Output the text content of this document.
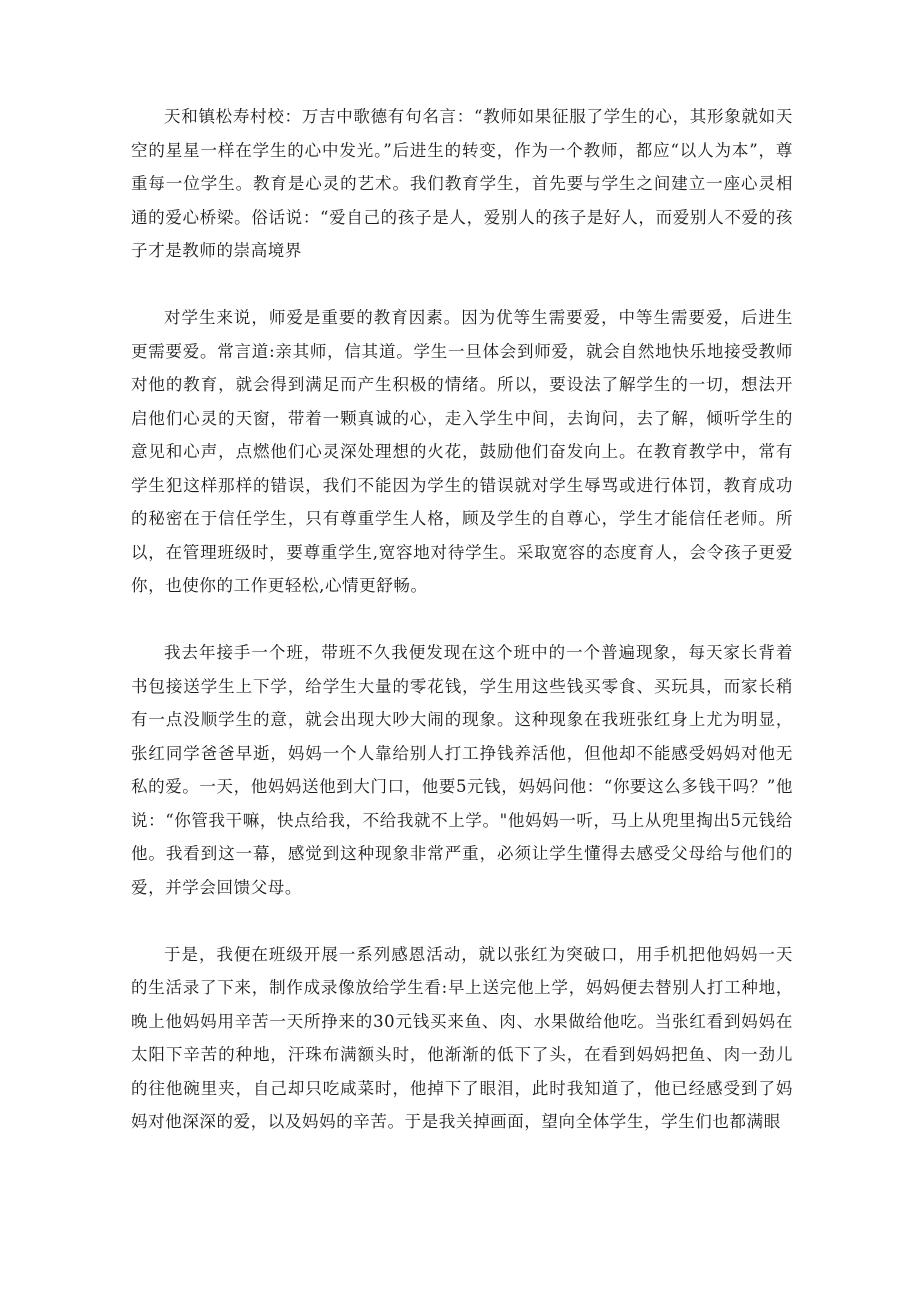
天和镇松寿村校：万吉中歌德有句名言：“教师如果征服了学生的心，其形象就如天空的星星一样在学生的心中发光。”后进生的转变，作为一个教师，都应“以人为本”，尊重每一位学生。教育是心灵的艺术。我们教育学生，首先要与学生之间建立一座心灵相通的爱心桥梁。俗话说：“爱自己的孩子是人，爱别人的孩子是好人，而爱别人不爱的孩子才是教师的崇高境界

对学生来说，师爱是重要的教育因素。因为优等生需要爱，中等生需要爱，后进生更需要爱。常言道:亲其师，信其道。学生一旦体会到师爱，就会自然地快乐地接受教师对他的教育，就会得到满足而产生积极的情绪。所以，要设法了解学生的一切，想法开启他们心灵的天窗，带着一颗真诚的心，走入学生中间，去询问，去了解，倾听学生的意见和心声，点燃他们心灵深处理想的火花，鼓励他们奋发向上。在教育教学中，常有学生犯这样那样的错误，我们不能因为学生的错误就对学生辱骂或进行体罚，教育成功的秘密在于信任学生，只有尊重学生人格，顾及学生的自尊心，学生才能信任老师。所以，在管理班级时，要尊重学生,宽容地对待学生。采取宽容的态度育人，会令孩子更爱你，也使你的工作更轻松,心情更舒畅。

我去年接手一个班，带班不久我便发现在这个班中的一个普遍现象，每天家长背着书包接送学生上下学，给学生大量的零花钱，学生用这些钱买零食、买玩具，而家长稍有一点没顺学生的意，就会出现大吵大闹的现象。这种现象在我班张红身上尤为明显，张红同学爸爸早逝，妈妈一个人靠给别人打工挣钱养活他，但他却不能感受妈妈对他无私的爱。一天，他妈妈送他到大门口，他要5元钱，妈妈问他：“你要这么多钱干吗？”他说：“你管我干嘛，快点给我，不给我就不上学。"他妈妈一听，马上从兜里掏出5元钱给他。我看到这一幕，感觉到这种现象非常严重，必须让学生懂得去感受父母给与他们的爱，并学会回馈父母。

于是，我便在班级开展一系列感恩活动，就以张红为突破口，用手机把他妈妈一天的生活录了下来，制作成录像放给学生看:早上送完他上学，妈妈便去替别人打工种地，晚上他妈妈用辛苦一天所挣来的30元钱买来鱼、肉、水果做给他吃。当张红看到妈妈在太阳下辛苦的种地，汗珠布满额头时，他渐渐的低下了头，在看到妈妈把鱼、肉一劲儿的往他碗里夹，自己却只吃咸菜时，他掉下了眼泪，此时我知道了，他已经感受到了妈妈对他深深的爱，以及妈妈的辛苦。于是我关掉画面，望向全体学生，学生们也都满眼
